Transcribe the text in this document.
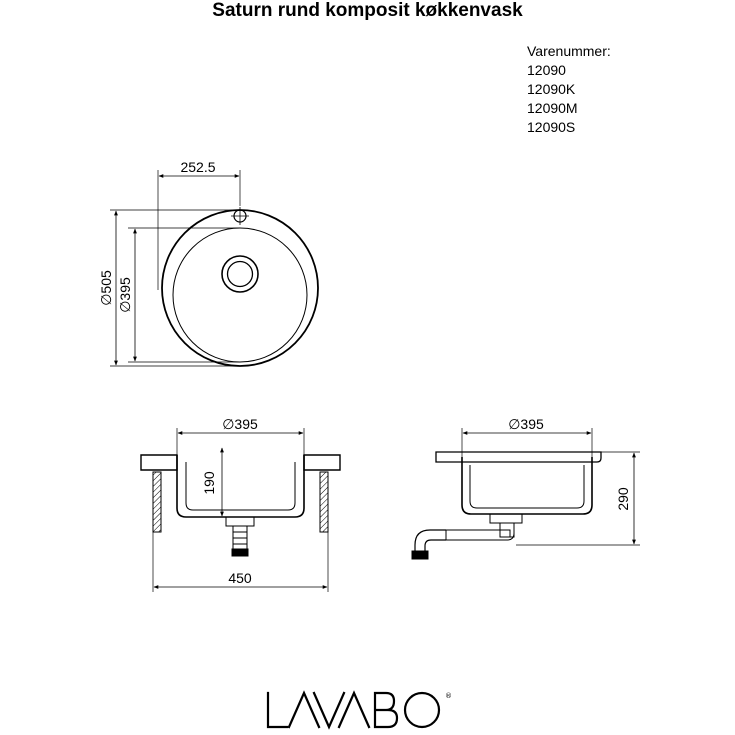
Saturn rund komposit køkkenvask
Varenummer:
12090
12090K
12090M
12090S
252.5
∅505 ∅395
∅395
190
450
∅395
290
®
